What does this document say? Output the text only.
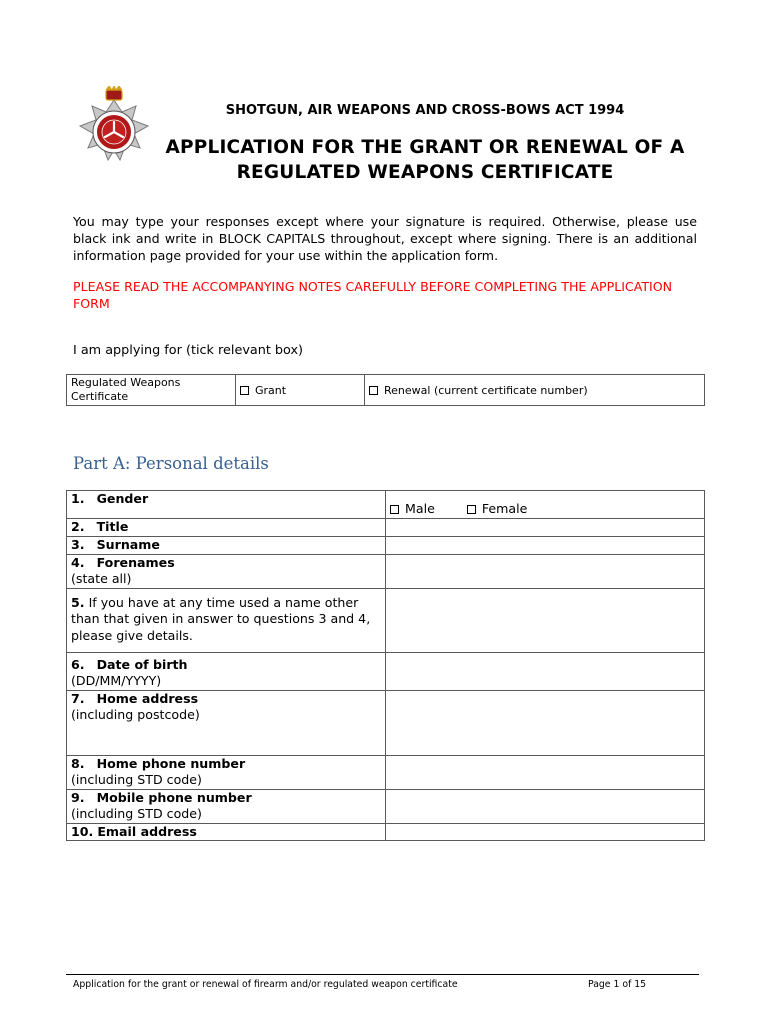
SHOTGUN, AIR WEAPONS AND CROSS-BOWS ACT 1994
APPLICATION FOR THE GRANT OR RENEWAL OF A
REGULATED WEAPONS CERTIFICATE
You may type your responses except where your signature is required. Otherwise, please use black ink and write in BLOCK CAPITALS throughout, except where signing. There is an additional information page provided for your use within the application form.
PLEASE READ THE ACCOMPANYING NOTES CAREFULLY BEFORE COMPLETING THE APPLICATION FORM
I am applying for (tick relevant box)
Regulated Weapons Certificate	Grant	Renewal (current certificate number)
Part A: Personal details
1. Gender	Male Female

2. Title	
3. Surname	
4. Forenames
(state all)	
5. If you have at any time used a name other than that given in answer to questions 3 and 4, please give details.	
6. Date of birth
(DD/MM/YYYY)	
7. Home address
(including postcode)	
8. Home phone number
(including STD code)	
9. Mobile phone number
(including STD code)	
10. Email address	
Application for the grant or renewal of firearm and/or regulated weapon certificate	Page 1 of 15
